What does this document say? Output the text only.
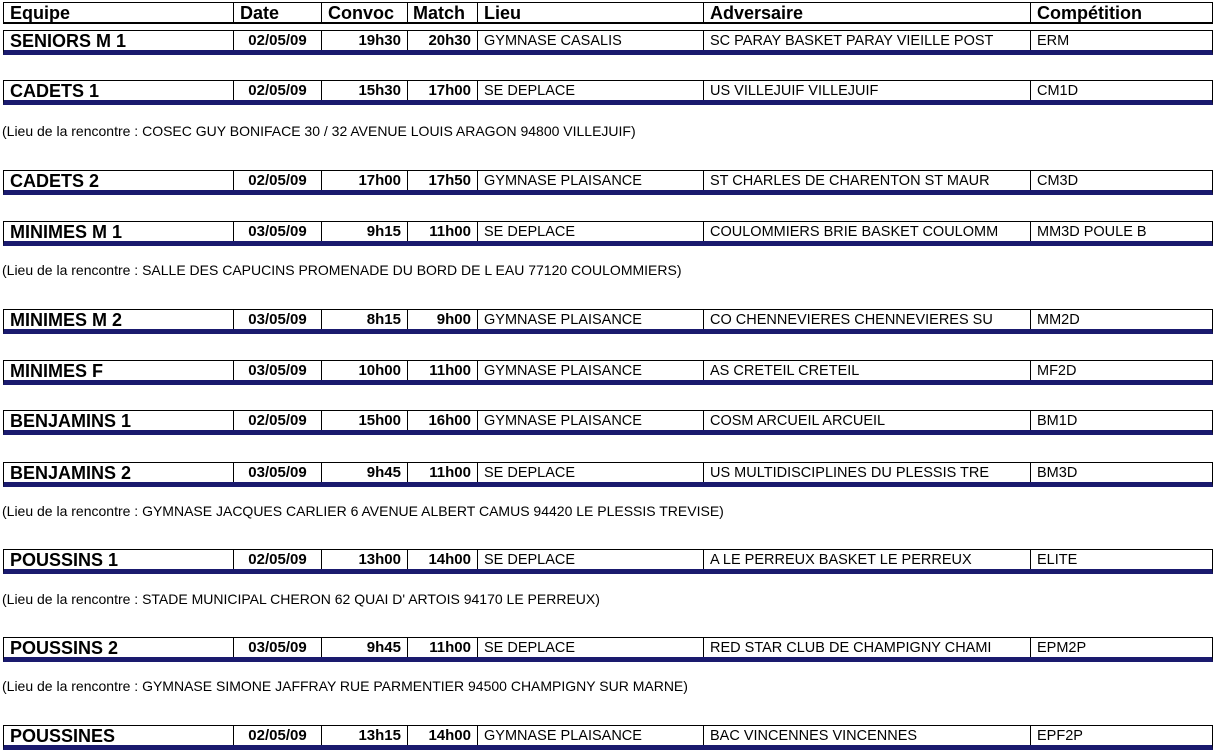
Equipe	Date	Convoc	Match	Lieu	Adversaire	Compétition
SENIORS M 1	02/05/09	19h30	20h30 GYMNASE CASALIS	SC PARAY BASKET PARAY VIEILLE POST	ERM
CADETS 1	02/05/09	15h30	17h00 SE DEPLACE	US VILLEJUIF VILLEJUIF	CM1D
(Lieu de la rencontre : COSEC GUY BONIFACE 30 / 32 AVENUE LOUIS ARAGON 94800 VILLEJUIF)
CADETS 2	02/05/09	17h00	17h50 GYMNASE PLAISANCE	ST CHARLES DE CHARENTON ST MAUR	CM3D
MINIMES M 1	03/05/09	9h15	11h00 SE DEPLACE	COULOMMIERS BRIE BASKET COULOMM	MM3D POULE B
(Lieu de la rencontre : SALLE DES CAPUCINS PROMENADE DU BORD DE L EAU 77120 COULOMMIERS)
MINIMES M 2	03/05/09	8h15	9h00 GYMNASE PLAISANCE	CO CHENNEVIERES CHENNEVIERES SU	MM2D
MINIMES F	03/05/09	10h00	11h00 GYMNASE PLAISANCE	AS CRETEIL CRETEIL	MF2D
BENJAMINS 1	02/05/09	15h00	16h00 GYMNASE PLAISANCE	COSM ARCUEIL ARCUEIL	BM1D
BENJAMINS 2	03/05/09	9h45	11h00 SE DEPLACE	US MULTIDISCIPLINES DU PLESSIS TRE	BM3D
(Lieu de la rencontre : GYMNASE JACQUES CARLIER 6 AVENUE ALBERT CAMUS 94420 LE PLESSIS TREVISE)
POUSSINS 1	02/05/09	13h00	14h00 SE DEPLACE	A LE PERREUX BASKET LE PERREUX	ELITE
(Lieu de la rencontre : STADE MUNICIPAL CHERON 62 QUAI D' ARTOIS 94170 LE PERREUX)
POUSSINS 2	03/05/09	9h45	11h00 SE DEPLACE	RED STAR CLUB DE CHAMPIGNY CHAMI	EPM2P
(Lieu de la rencontre : GYMNASE SIMONE JAFFRAY RUE PARMENTIER 94500 CHAMPIGNY SUR MARNE)
POUSSINES	02/05/09	13h15	14h00 GYMNASE PLAISANCE	BAC VINCENNES VINCENNES	EPF2P
